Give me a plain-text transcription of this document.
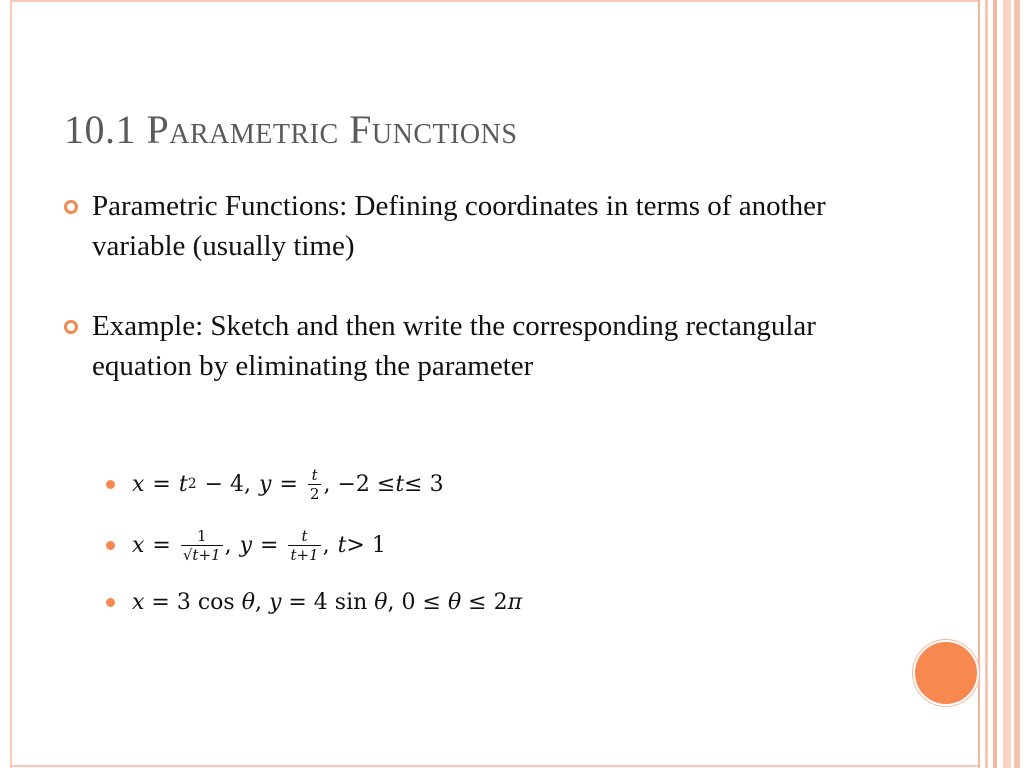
10.1 Parametric Functions
Parametric Functions: Defining coordinates in terms of another variable (usually time)
Example: Sketch and then write the corresponding rectangular equation by eliminating the parameter
x = t 2 − 4, $y = \frac{t}{2}$ , −2 ≤ t ≤ 3
$x = \frac{1}{√t+1}$ , $y = \frac{t}{t+1}$ , t > 1
x = 3 cos θ , y = 4 sin θ , 0 ≤ θ ≤ 2 π
